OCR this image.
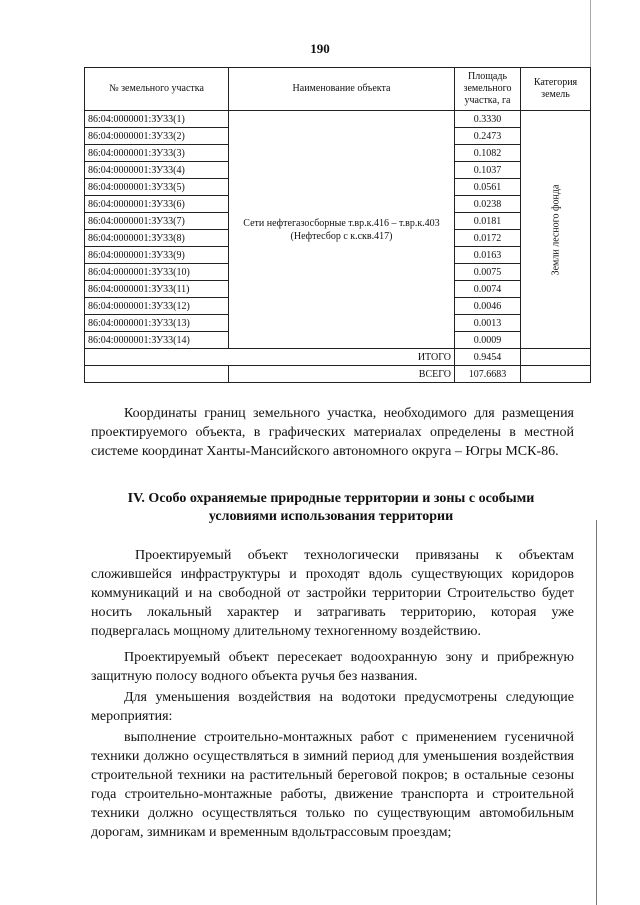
190
№ земельного участка	Наименование объекта	Площадь земельного участка, га	Категория земель
86:04:0000001:ЗУ33(1)	Сети нефтегазосборные т.вр.к.416 – т.вр.к.403 (Нефтесбор с к.скв.417)	0.3330	Земли лесного фонда

86:04:0000001:ЗУ33(2)		0.2473	
86:04:0000001:ЗУ33(3)		0.1082	
86:04:0000001:ЗУ33(4)		0.1037	
86:04:0000001:ЗУ33(5)		0.0561	
86:04:0000001:ЗУ33(6)		0.0238	
86:04:0000001:ЗУ33(7)		0.0181	
86:04:0000001:ЗУ33(8)		0.0172	
86:04:0000001:ЗУ33(9)		0.0163	
86:04:0000001:ЗУ33(10)		0.0075	
86:04:0000001:ЗУ33(11)		0.0074	
86:04:0000001:ЗУ33(12)		0.0046	
86:04:0000001:ЗУ33(13)		0.0013	
86:04:0000001:ЗУ33(14)		0.0009	
ИТОГО		0.9454	
	ВСЕГО	107.6683	

Координаты границ земельного участка, необходимого для размещения проектируемого объекта, в графических материалах определены в местной системе координат Ханты-Мансийского автономного округа – Югры МСК-86.

IV. Особо охраняемые природные территории и зоны с особыми условиями использования территории

Проектируемый объект технологически привязаны к объектам сложившейся инфраструктуры и проходят вдоль существующих коридоров коммуникаций и на свободной от застройки территории Строительство будет носить локальный характер и затрагивать территорию, которая уже подвергалась мощному длительному техногенному воздействию.

Проектируемый объект пересекает водоохранную зону и прибрежную защитную полосу водного объекта ручья без названия.

Для уменьшения воздействия на водотоки предусмотрены следующие мероприятия:

выполнение строительно-монтажных работ с применением гусеничной техники должно осуществляться в зимний период для уменьшения воздействия строительной техники на растительный береговой покров; в остальные сезоны года строительно-монтажные работы, движение транспорта и строительной техники должно осуществляться только по существующим автомобильным дорогам, зимникам и временным вдольтрассовым проездам;
